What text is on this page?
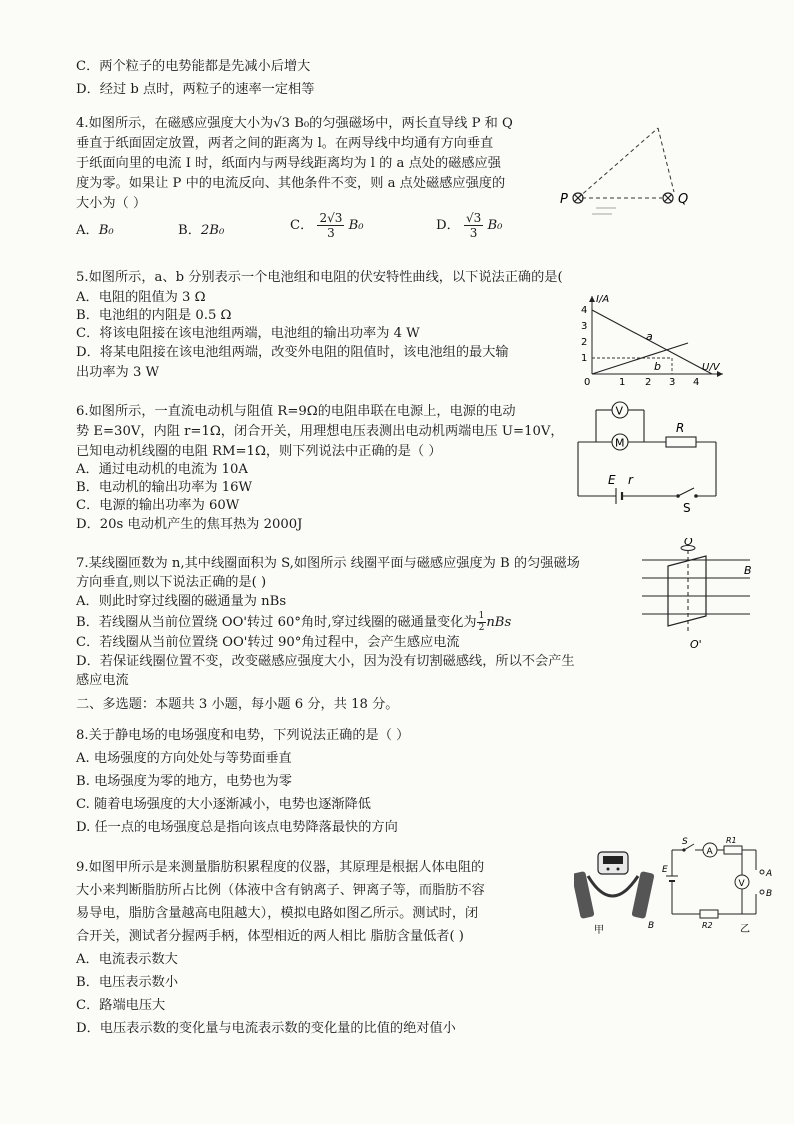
C．两个粒子的电势能都是先减小后增大
D．经过 b 点时，两粒子的速率一定相等
4.如图所示，在磁感应强度大小为√3 B₀的匀强磁场中，两长直导线 P 和 Q
垂直于纸面固定放置，两者之间的距离为 l。在两导线中均通有方向垂直
于纸面向里的电流 I 时，纸面内与两导线距离均为 l 的 a 点处的磁感应强
度为零。如果让 P 中的电流反向、其他条件不变，则 a 点处磁感应强度的
大小为（ ）
A．B₀	B．2B₀	C． $\frac{2√3}{3} B_0$	D． $\frac{√3}{3} B_0$
P	Q
5.如图所示，a、b 分别表示一个电池组和电阻的伏安特性曲线，以下说法正确的是(
A．电阻的阻值为 3 Ω
B．电池组的内阻是 0.5 Ω
C．将该电阻接在该电池组两端，电池组的输出功率为 4 W
D．将某电阻接在该电池组两端，改变外电阻的阻值时，该电池组的最大输
出功率为 3 W
4
3
2
1
0	1 2 3 4
I/A
U/V
a
b
6.如图所示，一直流电动机与阻值 R=9Ω的电阻串联在电源上，电源的电动
势 E=30V，内阻 r=1Ω，闭合开关，用理想电压表测出电动机两端电压 U=10V，
已知电动机线圈的电阻 RM=1Ω，则下列说法中正确的是（ ）
A．通过电动机的电流为 10A
B．电动机的输出功率为 16W
C．电源的输出功率为 60W
D．20s 电动机产生的焦耳热为 2000J
V
M
R
E r
S
7.某线圈匝数为 n,其中线圈面积为 S,如图所示 线圈平面与磁感应强度为 B 的匀强磁场
方向垂直,则以下说法正确的是( )
A．则此时穿过线圈的磁通量为 nBs
B．若线圈从当前位置绕 OO'转过 60°角时,穿过线圈的磁通量变化为 $\frac{1}{2}$ nBs
C．若线圈从当前位置绕 OO'转过 90°角过程中，会产生感应电流
D．若保证线圈位置不变，改变磁感应强度大小，因为没有切割磁感线，所以不会产生
感应电流
O
O'
B
二、多选题：本题共 3 小题，每小题 6 分，共 18 分。
8.关于静电场的电场强度和电势，下列说法正确的是（ ）
A. 电场强度的方向处处与等势面垂直
B. 电场强度为零的地方，电势也为零
C. 随着电场强度的大小逐渐减小，电势也逐渐降低
D. 任一点的电场强度总是指向该点电势降落最快的方向
9.如图甲所示是来测量脂肪积累程度的仪器，其原理是根据人体电阻的
大小来判断脂肪所占比例（体液中含有钠离子、钾离子等，而脂肪不容
易导电，脂肪含量越高电阻越大），模拟电路如图乙所示。测试时，闭
合开关，测试者分握两手柄，体型相近的两人相比 脂肪含量低者( )
A．电流表示数大
B．电压表示数小
C．路端电压大
D．电压表示数的变化量与电流表示数的变化量的比值的绝对值小
甲	B
A
V
S	R1
E	A
B
R2	乙
